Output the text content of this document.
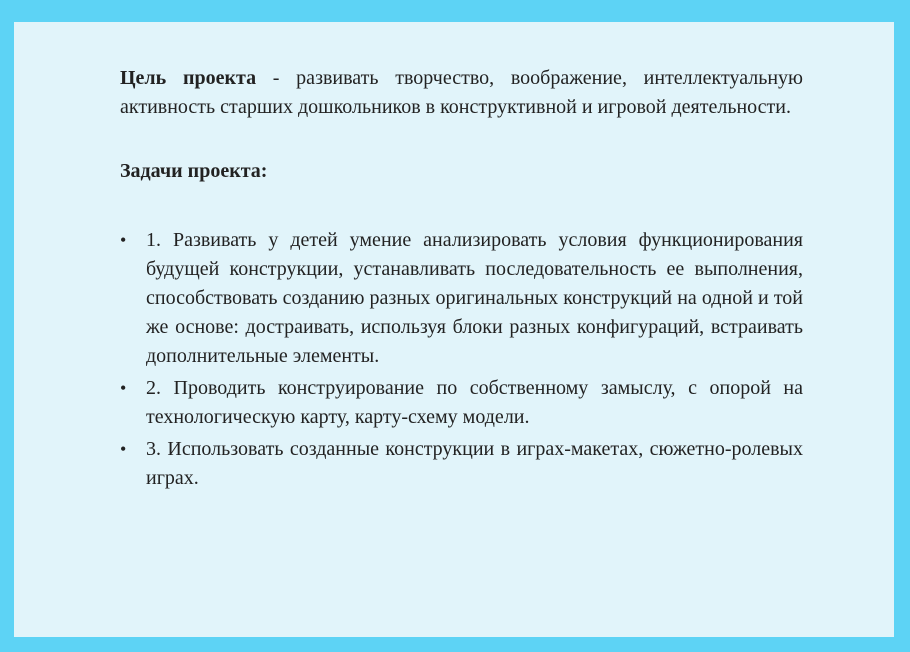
Цель проекта - развивать творчество, воображение, интеллектуальную активность старших дошкольников в конструктивной и игровой деятельности.

Задачи проекта:

• 1. Развивать у детей умение анализировать условия функционирования будущей конструкции, устанавливать последовательность ее выполнения, способствовать созданию разных оригинальных конструкций на одной и той же основе: достраивать, используя блоки разных конфигураций, встраивать дополнительные элементы.
• 2. Проводить конструирование по собственному замыслу, с опорой на технологическую карту, карту-схему модели.
• 3. Использовать созданные конструкции в играх-макетах, сюжетно-ролевых играх.
